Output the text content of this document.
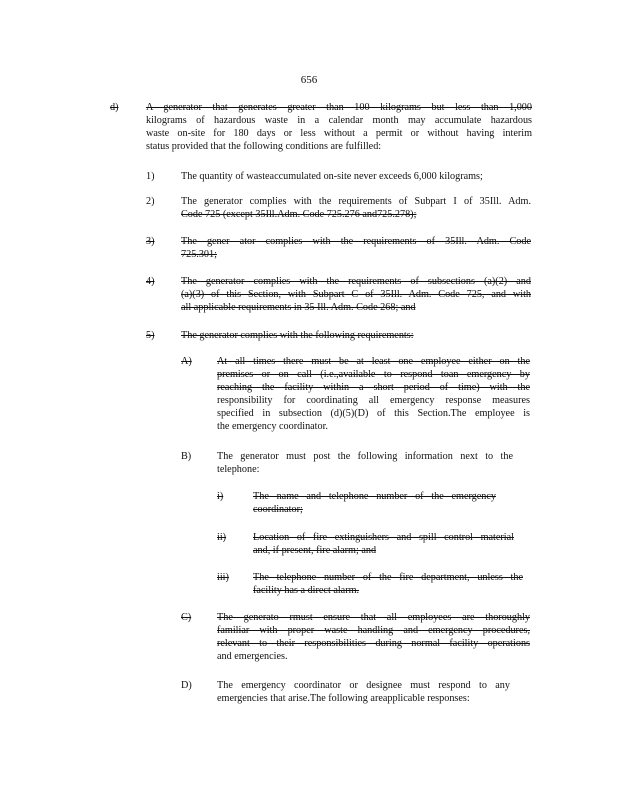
656
d)	A generator that generates greater than 100 kilograms but less than 1,000
kilograms of hazardous waste in a calendar month may accumulate hazardous
waste on-site for 180 days or less without a permit or without having interim
status provided that the following conditions are fulfilled:
1)	The quantity of wasteaccumulated on-site never exceeds 6,000 kilograms;
2)	The generator complies with the requirements of Subpart I of 35Ill. Adm.
Code 725 (except 35Ill.Adm. Code 725.276 and725.278);
3)	The gener ator complies with the requirements of 35Ill. Adm. Code
725.301;
4)	The generator complies with the requirements of subsections (a)(2) and
(a)(3) of this Section, with Subpart C of 35Ill. Adm. Code 725, and with
all applicable requirements in 35 Ill. Adm. Code 268; and
5)	The generator complies with the following requirements:
A) At all times there must be at least one employee either on the
premises or on call (i.e.,available to respond toan emergency by
reaching the facility within a short period of time) with the
responsibility for coordinating all emergency response measures
specified in subsection (d)(5)(D) of this Section.The employee is
the emergency coordinator.
B)	The generator must post the following information next to the
telephone:
i)	The name and telephone number of the emergency
coordinator;
ii)	Location of fire extinguishers and spill control material
and, if present, fire alarm; and
iii) The telephone number of the fire department, unless the
facility has a direct alarm.
C)	The generato rmust ensure that all employees are thoroughly
familiar with proper waste handling and emergency procedures,
relevant to their responsibilities during normal facility operations
and emergencies.
D) The emergency coordinator or designee must respond to any
emergencies that arise.The following areapplicable responses:
